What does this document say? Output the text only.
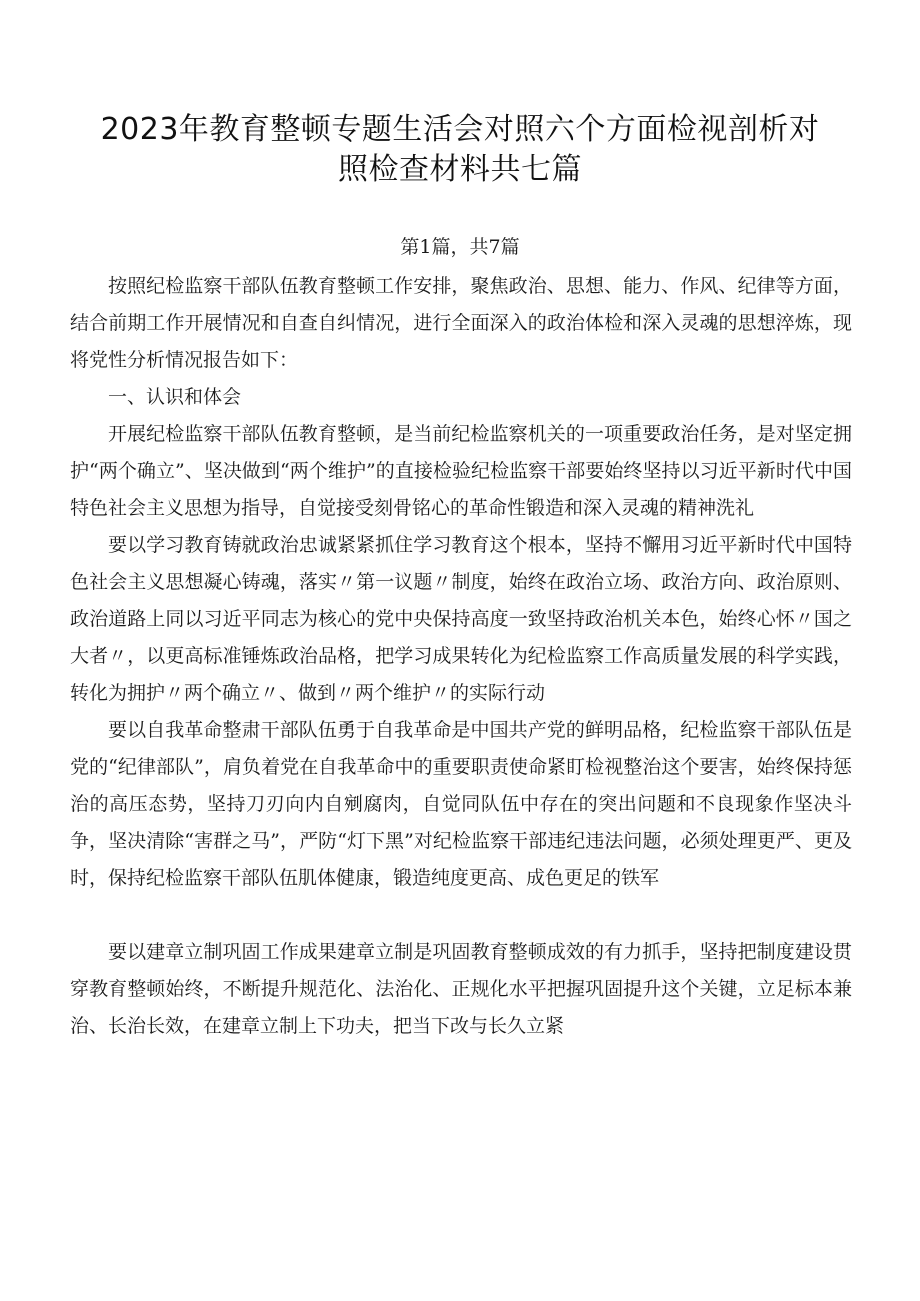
2023年教育整顿专题生活会对照六个方面检视剖析对
照检查材料共七篇
第1篇，共7篇

按照纪检监察干部队伍教育整顿工作安排，聚焦政治、思想、能力、作风、纪律等方面，结合前期工作开展情况和自查自纠情况，进行全面深入的政治体检和深入灵魂的思想淬炼，现将党性分析情况报告如下：

一、认识和体会

开展纪检监察干部队伍教育整顿，是当前纪检监察机关的一项重要政治任务，是对坚定拥护“两个确立”、坚决做到“两个维护”的直接检验纪检监察干部要始终坚持以习近平新时代中国特色社会主义思想为指导，自觉接受刻骨铭心的革命性锻造和深入灵魂的精神洗礼

要以学习教育铸就政治忠诚紧紧抓住学习教育这个根本，坚持不懈用习近平新时代中国特色社会主义思想凝心铸魂，落实〃第一议题〃制度，始终在政治立场、政治方向、政治原则、政治道路上同以习近平同志为核心的党中央保持高度一致坚持政治机关本色，始终心怀〃国之大者〃，以更高标准锤炼政治品格，把学习成果转化为纪检监察工作高质量发展的科学实践，转化为拥护〃两个确立〃、做到〃两个维护〃的实际行动

要以自我革命整肃干部队伍勇于自我革命是中国共产党的鲜明品格，纪检监察干部队伍是党的“纪律部队”，肩负着党在自我革命中的重要职责使命紧盯检视整治这个要害，始终保持惩治的高压态势，坚持刀刃向内自剜腐肉，自觉同队伍中存在的突出问题和不良现象作坚决斗争，坚决清除“害群之马”，严防“灯下黑”对纪检监察干部违纪违法问题，必须处理更严、更及时，保持纪检监察干部队伍肌体健康，锻造纯度更高、成色更足的铁军

要以建章立制巩固工作成果建章立制是巩固教育整顿成效的有力抓手，坚持把制度建设贯穿教育整顿始终，不断提升规范化、法治化、正规化水平把握巩固提升这个关键，立足标本兼治、长治长效，在建章立制上下功夫，把当下改与长久立紧
